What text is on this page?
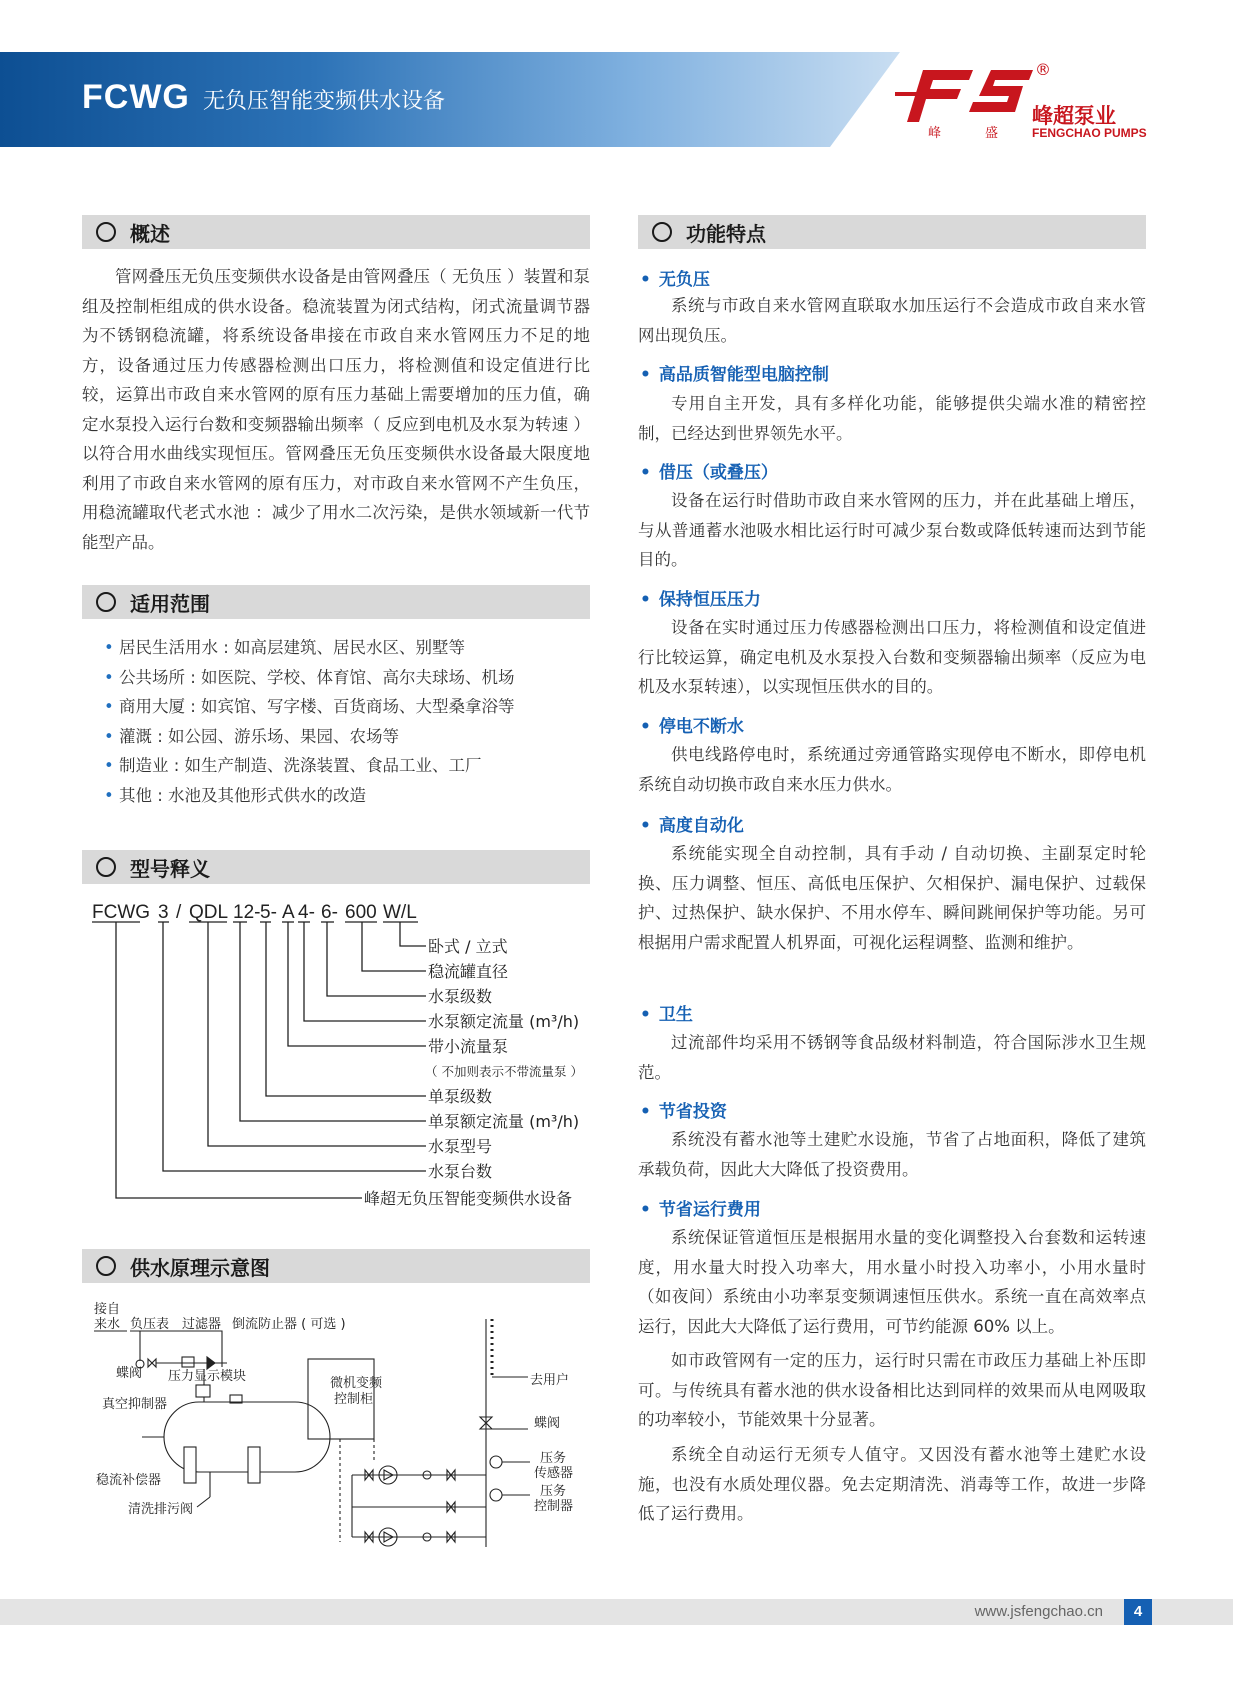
FCWG 无负压智能变频供水设备
®
峰	盛
峰超泵业
FENGCHAO PUMPS
概述

管网叠压无负压变频供水设备是由管网叠压（ 无负压 ）装置和泵组及控制柜组成的供水设备。稳流装置为闭式结构，闭式流量调节器为不锈钢稳流罐，将系统设备串接在市政自来水管网压力不足的地方，设备通过压力传感器检测出口压力，将检测值和设定值进行比较，运算出市政自来水管网的原有压力基础上需要增加的压力值，确定水泵投入运行台数和变频器输出频率（ 反应到电机及水泵为转速 ）以符合用水曲线实现恒压。管网叠压无负压变频供水设备最大限度地利用了市政自来水管网的原有压力，对市政自来水管网不产生负压，用稳流罐取代老式水池 ：减少了用水二次污染，是供水领域新一代节能型产品。

适用范围
• 居民生活用水 : 如高层建筑、居民水区、别墅等
• 公共场所 : 如医院、学校、体育馆、高尔夫球场、机场
• 商用大厦 : 如宾馆、写字楼、百货商场、大型桑拿浴等
• 灌溉 : 如公园、游乐场、果园、农场等
• 制造业 : 如生产制造、洗涤装置、食品工业、工厂
• 其他 : 水池及其他形式供水的改造
型号释义
FCWG 3 / QDL 12- 5- A 4- 6- 600 W/L
卧式 / 立式
稳流罐直径
水泵级数
水泵额定流量 (m³/h)
带小流量泵
（ 不加则表示不带流量泵 ）
单泵级数
单泵额定流量 (m³/h)
水泵型号
水泵台数
峰超无负压智能变频供水设备
供水原理示意图
接自
来水 负压表 过滤器 倒流防止器 ( 可选 )
蝶阀 压力显示模块
真空抑制器
稳流补偿器
清洗排污阀
微机变频
控制柜
去用户
蝶阀
压务
传感器
压务
控制器
功能特点
• 无负压

系统与市政自来水管网直联取水加压运行不会造成市政自来水管网出现负压。

• 高品质智能型电脑控制

专用自主开发，具有多样化功能，能够提供尖端水准的精密控制，已经达到世界领先水平。

• 借压（或叠压）

设备在运行时借助市政自来水管网的压力，并在此基础上增压，与从普通蓄水池吸水相比运行时可减少泵台数或降低转速而达到节能目的。

• 保持恒压压力

设备在实时通过压力传感器检测出口压力，将检测值和设定值进行比较运算，确定电机及水泵投入台数和变频器输出频率（反应为电机及水泵转速），以实现恒压供水的目的。

• 停电不断水

供电线路停电时，系统通过旁通管路实现停电不断水，即停电机系统自动切换市政自来水压力供水。

• 高度自动化

系统能实现全自动控制，具有手动 / 自动切换、主副泵定时轮换、压力调整、恒压、高低电压保护、欠相保护、漏电保护、过载保护、过热保护、缺水保护、不用水停车、瞬间跳闸保护等功能。另可根据用户需求配置人机界面，可视化运程调整、监测和维护。

• 卫生

过流部件均采用不锈钢等食品级材料制造，符合国际涉水卫生规范。

• 节省投资

系统没有蓄水池等土建贮水设施，节省了占地面积，降低了建筑承载负荷，因此大大降低了投资费用。

• 节省运行费用

系统保证管道恒压是根据用水量的变化调整投入台套数和运转速度，用水量大时投入功率大，用水量小时投入功率小，小用水量时（如夜间）系统由小功率泵变频调速恒压供水。系统一直在高效率点运行，因此大大降低了运行费用，可节约能源 60% 以上。

如市政管网有一定的压力，运行时只需在市政压力基础上补压即可。与传统具有蓄水池的供水设备相比达到同样的效果而从电网吸取的功率较小，节能效果十分显著。

系统全自动运行无须专人值守。又因没有蓄水池等土建贮水设施，也没有水质处理仪器。免去定期清洗、消毒等工作，故进一步降低了运行费用。

www.jsfengchao.cn	4
